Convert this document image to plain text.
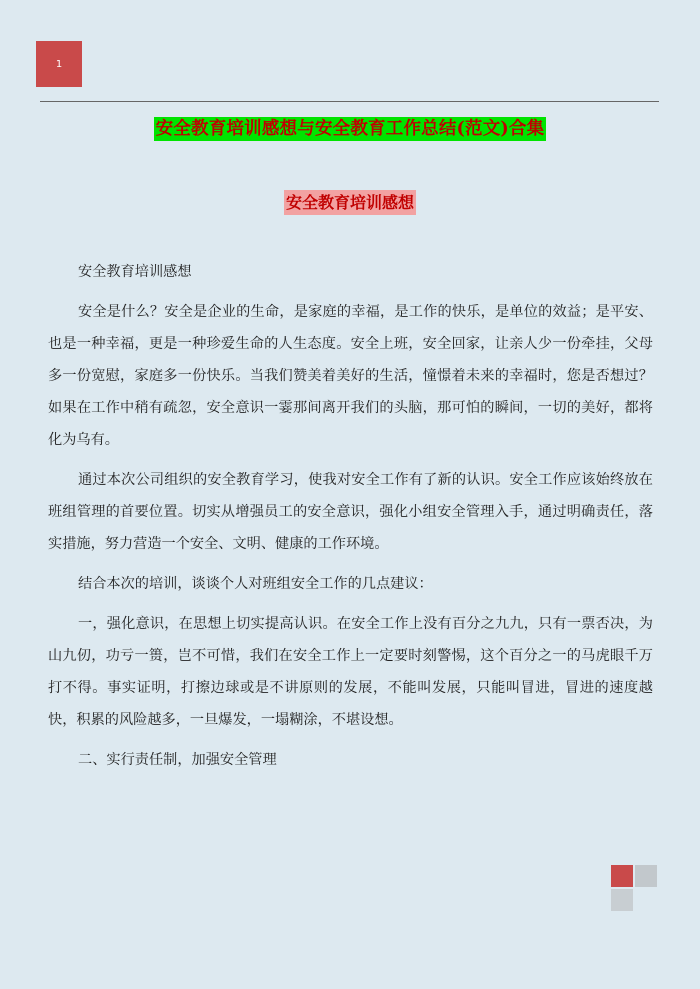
1
安全教育培训感想与安全教育工作总结(范文)合集
安全教育培训感想

安全教育培训感想

安全是什么？安全是企业的生命，是家庭的幸福，是工作的快乐，是单位的效益；是平安、也是一种幸福，更是一种珍爱生命的人生态度。安全上班，安全回家，让亲人少一份牵挂，父母多一份宽慰，家庭多一份快乐。当我们赞美着美好的生活，憧憬着未来的幸福时，您是否想过？如果在工作中稍有疏忽，安全意识一霎那间离开我们的头脑，那可怕的瞬间，一切的美好，都将化为乌有。

通过本次公司组织的安全教育学习，使我对安全工作有了新的认识。安全工作应该始终放在班组管理的首要位置。切实从增强员工的安全意识，强化小组安全管理入手，通过明确责任，落实措施，努力营造一个安全、文明、健康的工作环境。

结合本次的培训，谈谈个人对班组安全工作的几点建议：

一，强化意识，在思想上切实提高认识。在安全工作上没有百分之九九，只有一票否决，为山九仞，功亏一篑，岂不可惜，我们在安全工作上一定要时刻警惕，这个百分之一的马虎眼千万打不得。事实证明，打擦边球或是不讲原则的发展，不能叫发展，只能叫冒进，冒进的速度越快，积累的风险越多，一旦爆发，一塌糊涂，不堪设想。

二、实行责任制，加强安全管理
